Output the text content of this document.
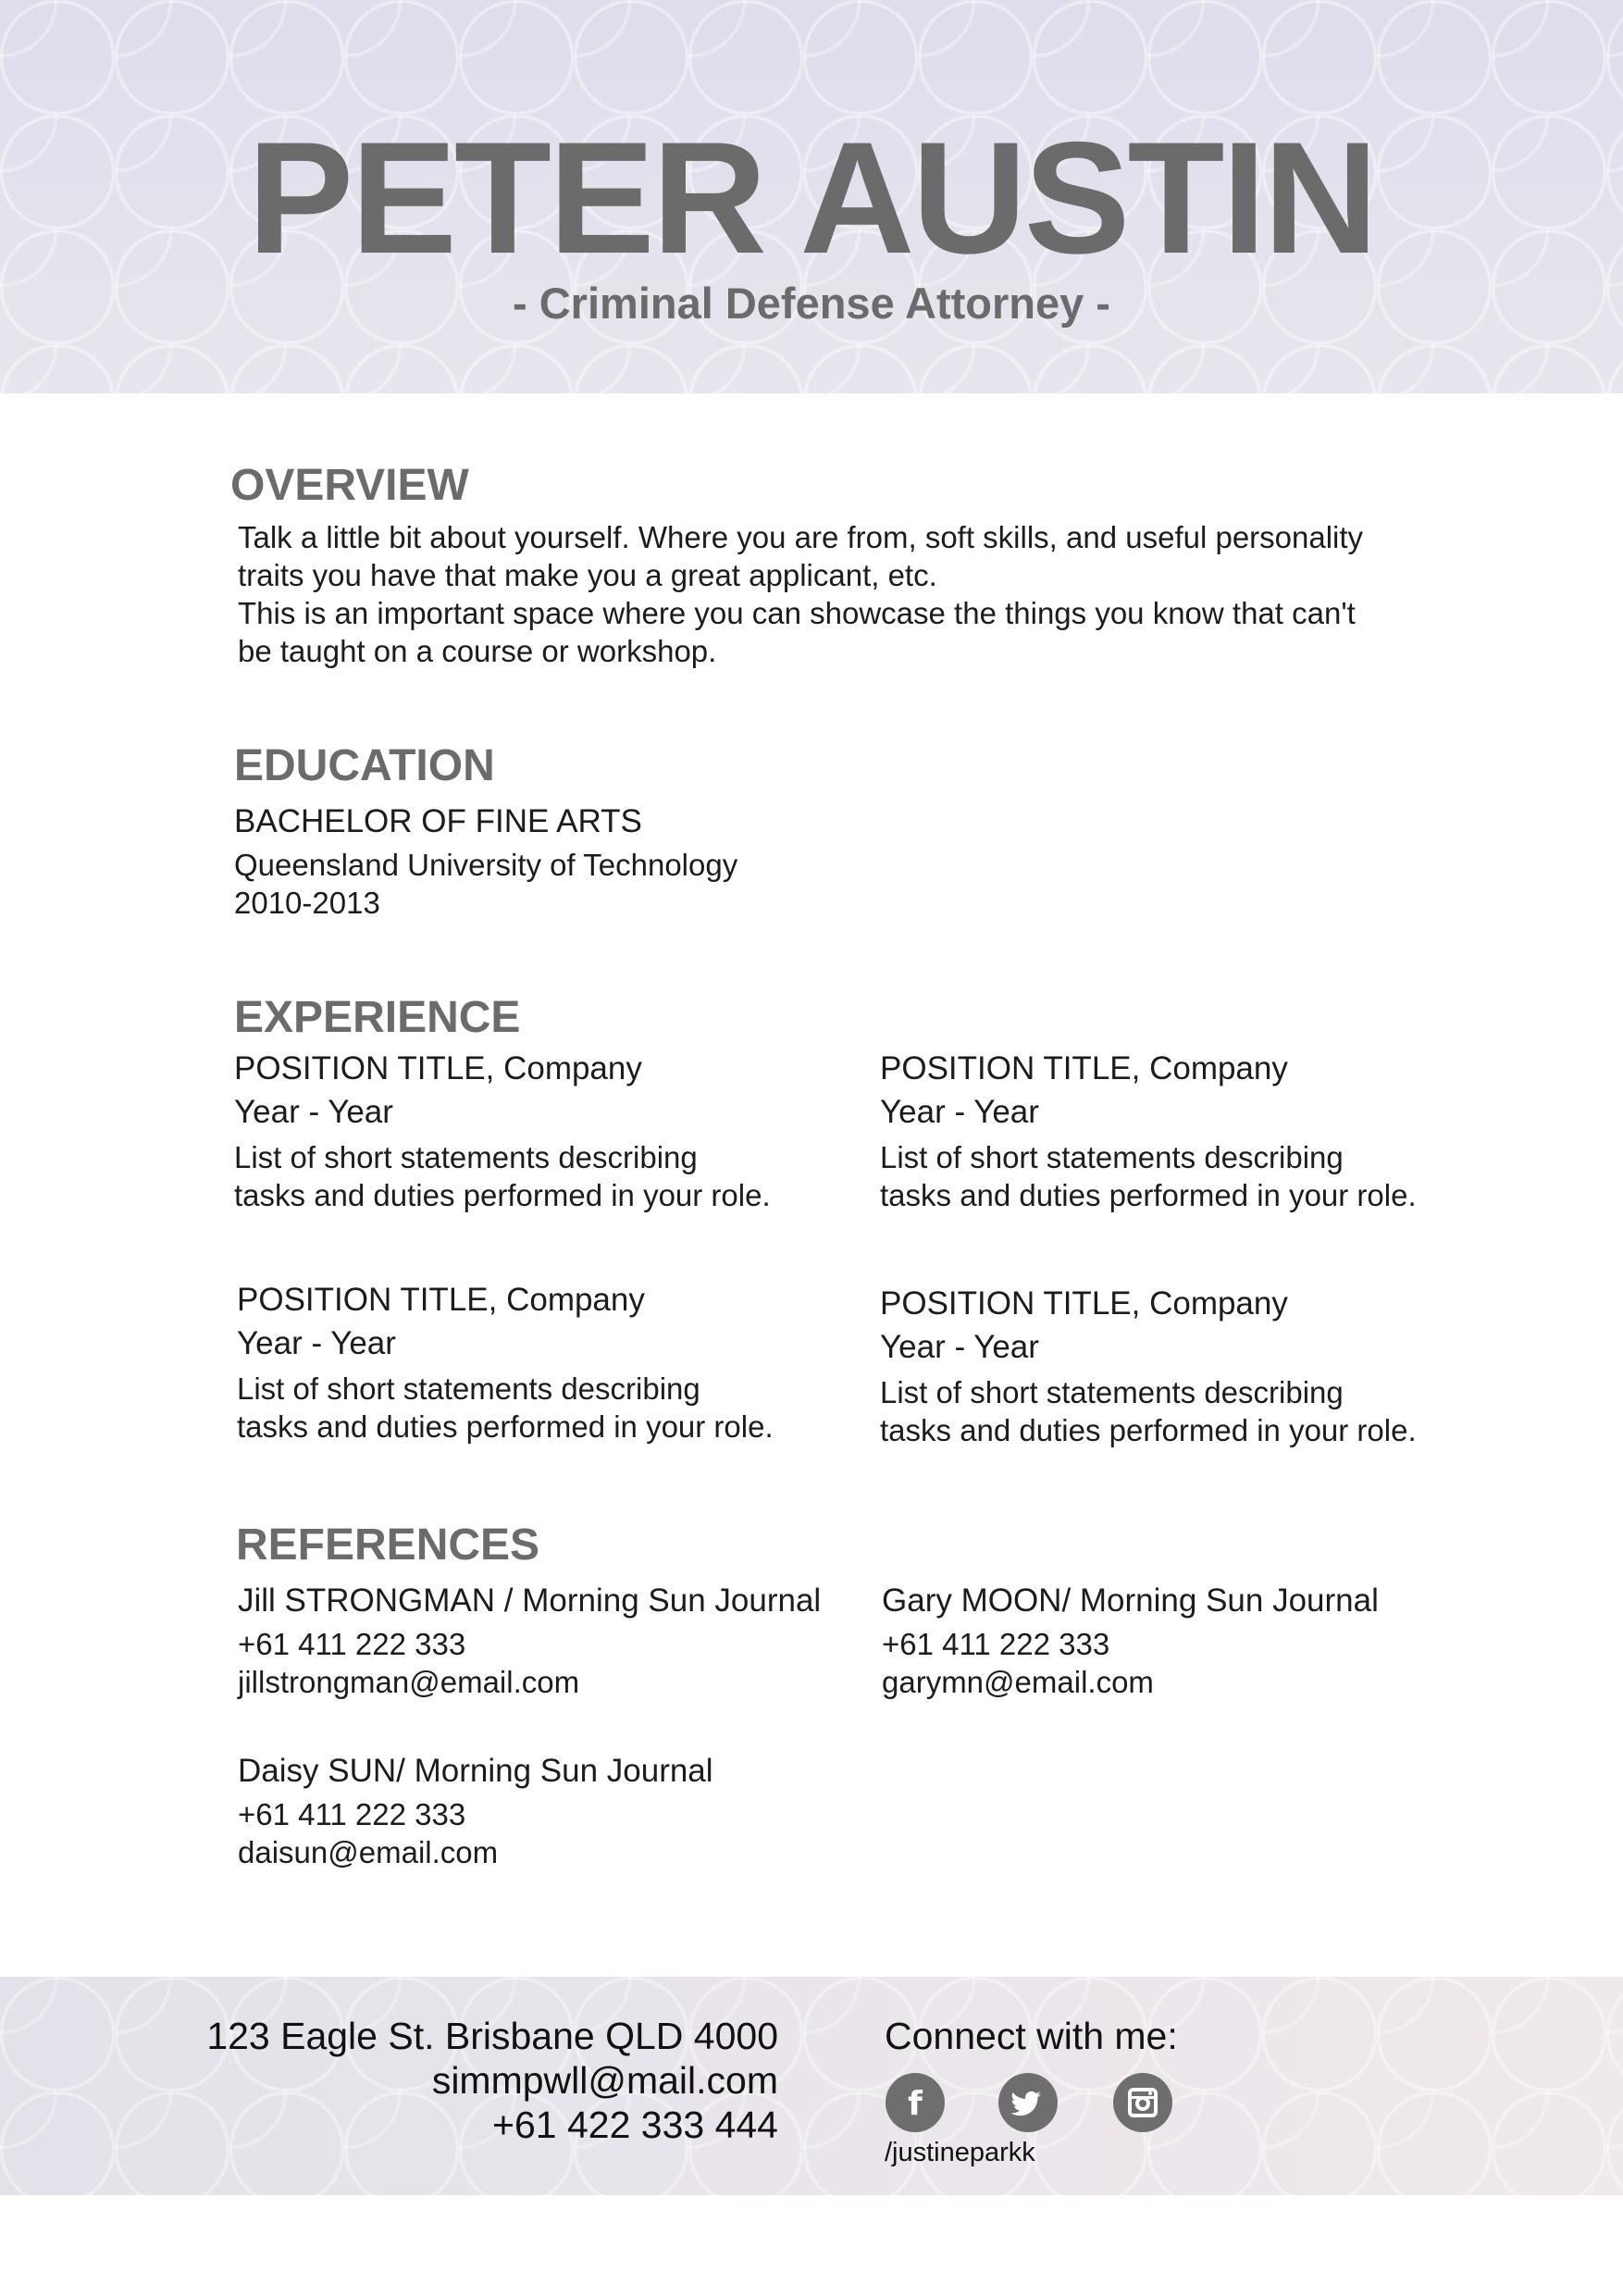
PETER AUSTIN
- Criminal Defense Attorney -
OVERVIEW
Talk a little bit about yourself. Where you are from, soft skills, and useful personality
traits you have that make you a great applicant, etc.
This is an important space where you can showcase the things you know that can't
be taught on a course or workshop.
EDUCATION
BACHELOR OF FINE ARTS
Queensland University of Technology
2010-2013
EXPERIENCE
POSITION TITLE, Company
Year - Year
List of short statements describing
tasks and duties performed in your role.
POSITION TITLE, Company
Year - Year
List of short statements describing
tasks and duties performed in your role.
POSITION TITLE, Company
Year - Year
List of short statements describing
tasks and duties performed in your role.
POSITION TITLE, Company
Year - Year
List of short statements describing
tasks and duties performed in your role.
REFERENCES
Jill STRONGMAN / Morning Sun Journal
+61 411 222 333
jillstrongman@email.com
Gary MOON/ Morning Sun Journal
+61 411 222 333
garymn@email.com
Daisy SUN/ Morning Sun Journal
+61 411 222 333
daisun@email.com
123 Eagle St. Brisbane QLD 4000
simmpwll@mail.com
+61 422 333 444
Connect with me:
f
/justineparkk
